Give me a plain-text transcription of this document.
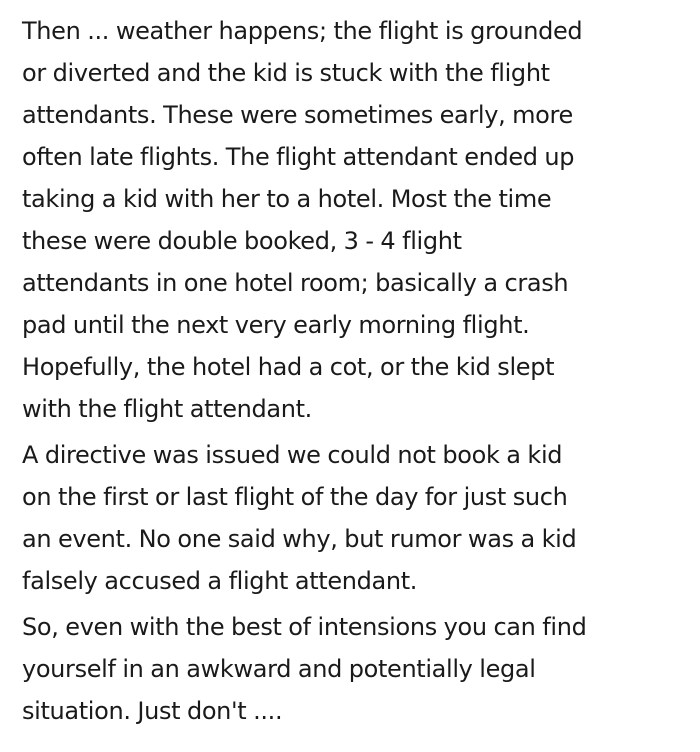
Then ... weather happens; the flight is grounded
or diverted and the kid is stuck with the flight
attendants. These were sometimes early, more
often late flights. The flight attendant ended up
taking a kid with her to a hotel. Most the time
these were double booked, 3 - 4 flight
attendants in one hotel room; basically a crash
pad until the next very early morning flight.
Hopefully, the hotel had a cot, or the kid slept
with the flight attendant.

A directive was issued we could not book a kid
on the first or last flight of the day for just such
an event. No one said why, but rumor was a kid
falsely accused a flight attendant.

So, even with the best of intensions you can find
yourself in an awkward and potentially legal
situation. Just don't ....
